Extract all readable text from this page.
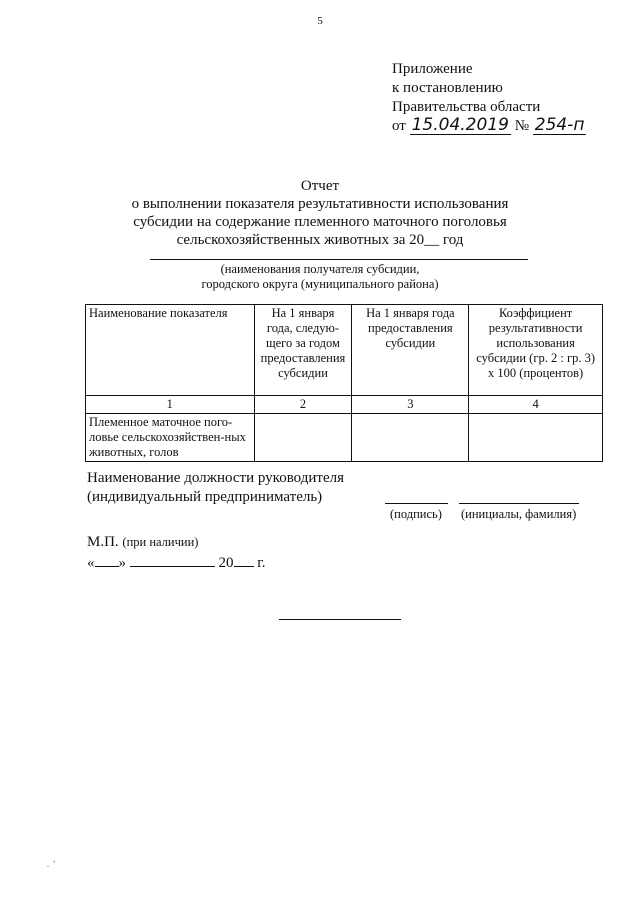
5
Приложение
к постановлению
Правительства области
от 15.04.2019 № 254-п
Отчет
о выполнении показателя результативности использования
субсидии на содержание племенного маточного поголовья
сельскохозяйственных животных за 20__ год
(наименования получателя субсидии,
городского округа (муниципального района)
Наименование показателя	На 1 января года, следую-щего за годом предоставления субсидии	На 1 января года предоставления субсидии	Коэффициент результативности использования субсидии (гр. 2 : гр. 3) х 100 (процентов)
1	2	3	4
Племенное маточное пого-ловье сельскохозяйствен-ных животных, голов			
Наименование должности руководителя
(индивидуальный предприниматель)
(подпись) (инициалы, фамилия)
М.П. (при наличии)
« »	20 г.
.  ˚
